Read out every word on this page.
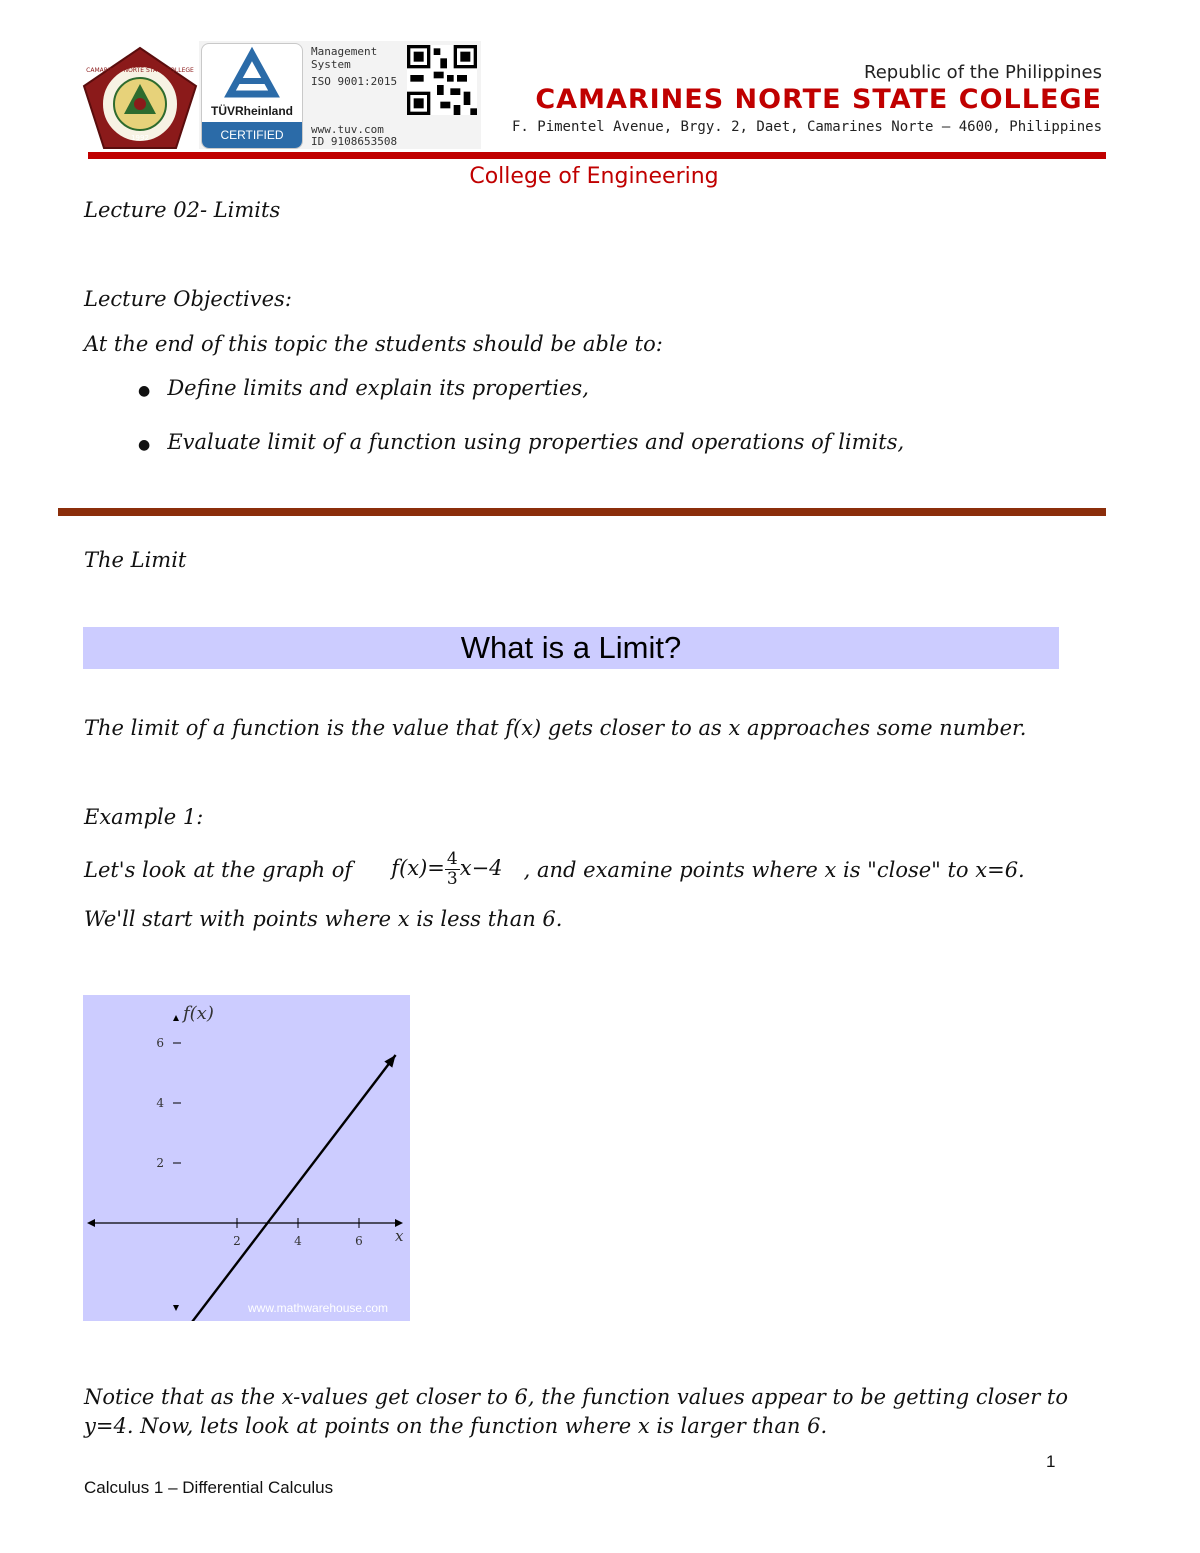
CAMARINES NORTE STATE COLLEGE
1992
TÜVRheinland
CERTIFIED
Management
System
ISO 9001:2015
www.tuv.com
ID 9108653508
Republic of the Philippines
CAMARINES NORTE STATE COLLEGE
F. Pimentel Avenue, Brgy. 2, Daet, Camarines Norte – 4600, Philippines
College of Engineering
Lecture 02- Limits
Lecture Objectives:
At the end of this topic the students should be able to:
● Define limits and explain its properties,
● Evaluate limit of a function using properties and operations of limits,
The Limit
What is a Limit?
The limit of a function is the value that f(x) gets closer to as x approaches some number.
Example 1:
Let's look at the graph of $f(x)= \frac{4}{3} x-4$ , and examine points where x is "close" to x=6.
We'll start with points where x is less than 6.
f(x)
x
2	4	6
2
4
6
www.mathwarehouse.com
Notice that as the x-values get closer to 6, the function values appear to be getting closer to
y=4. Now, lets look at points on the function where x is larger than 6.
1
Calculus 1 – Differential Calculus
